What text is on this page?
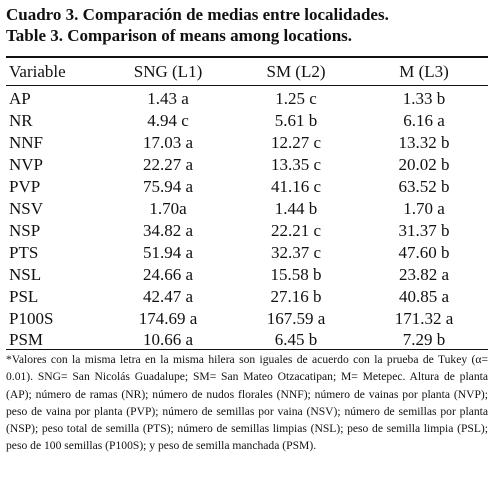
Cuadro 3. Comparación de medias entre localidades.

Table 3. Comparison of means among locations.

Variable	SNG (L1)	SM (L2)	M (L3)
AP	1.43 a	1.25 c	1.33 b
NR	4.94 c	5.61 b	6.16 a
NNF	17.03 a	12.27 c	13.32 b
NVP	22.27 a	13.35 c	20.02 b
PVP	75.94 a	41.16 c	63.52 b
NSV	1.70a	1.44 b	1.70 a
NSP	34.82 a	22.21 c	31.37 b
PTS	51.94 a	32.37 c	47.60 b
NSL	24.66 a	15.58 b	23.82 a
PSL	42.47 a	27.16 b	40.85 a
P100S	174.69 a	167.59 a	171.32 a
PSM	10.66 a	6.45 b	7.29 b

*Valores con la misma letra en la misma hilera son iguales de acuerdo con la prueba de Tukey (α= 0.01). SNG= San Nicolás Guadalupe; SM= San Mateo Otzacatipan; M= Metepec. Altura de planta (AP); número de ramas (NR); número de nudos florales (NNF); número de vainas por planta (NVP); peso de vaina por planta (PVP); número de semillas por vaina (NSV); número de semillas por planta (NSP); peso total de semilla (PTS); número de semillas limpias (NSL); peso de semilla limpia (PSL); peso de 100 semillas (P100S); y peso de semilla manchada (PSM).
